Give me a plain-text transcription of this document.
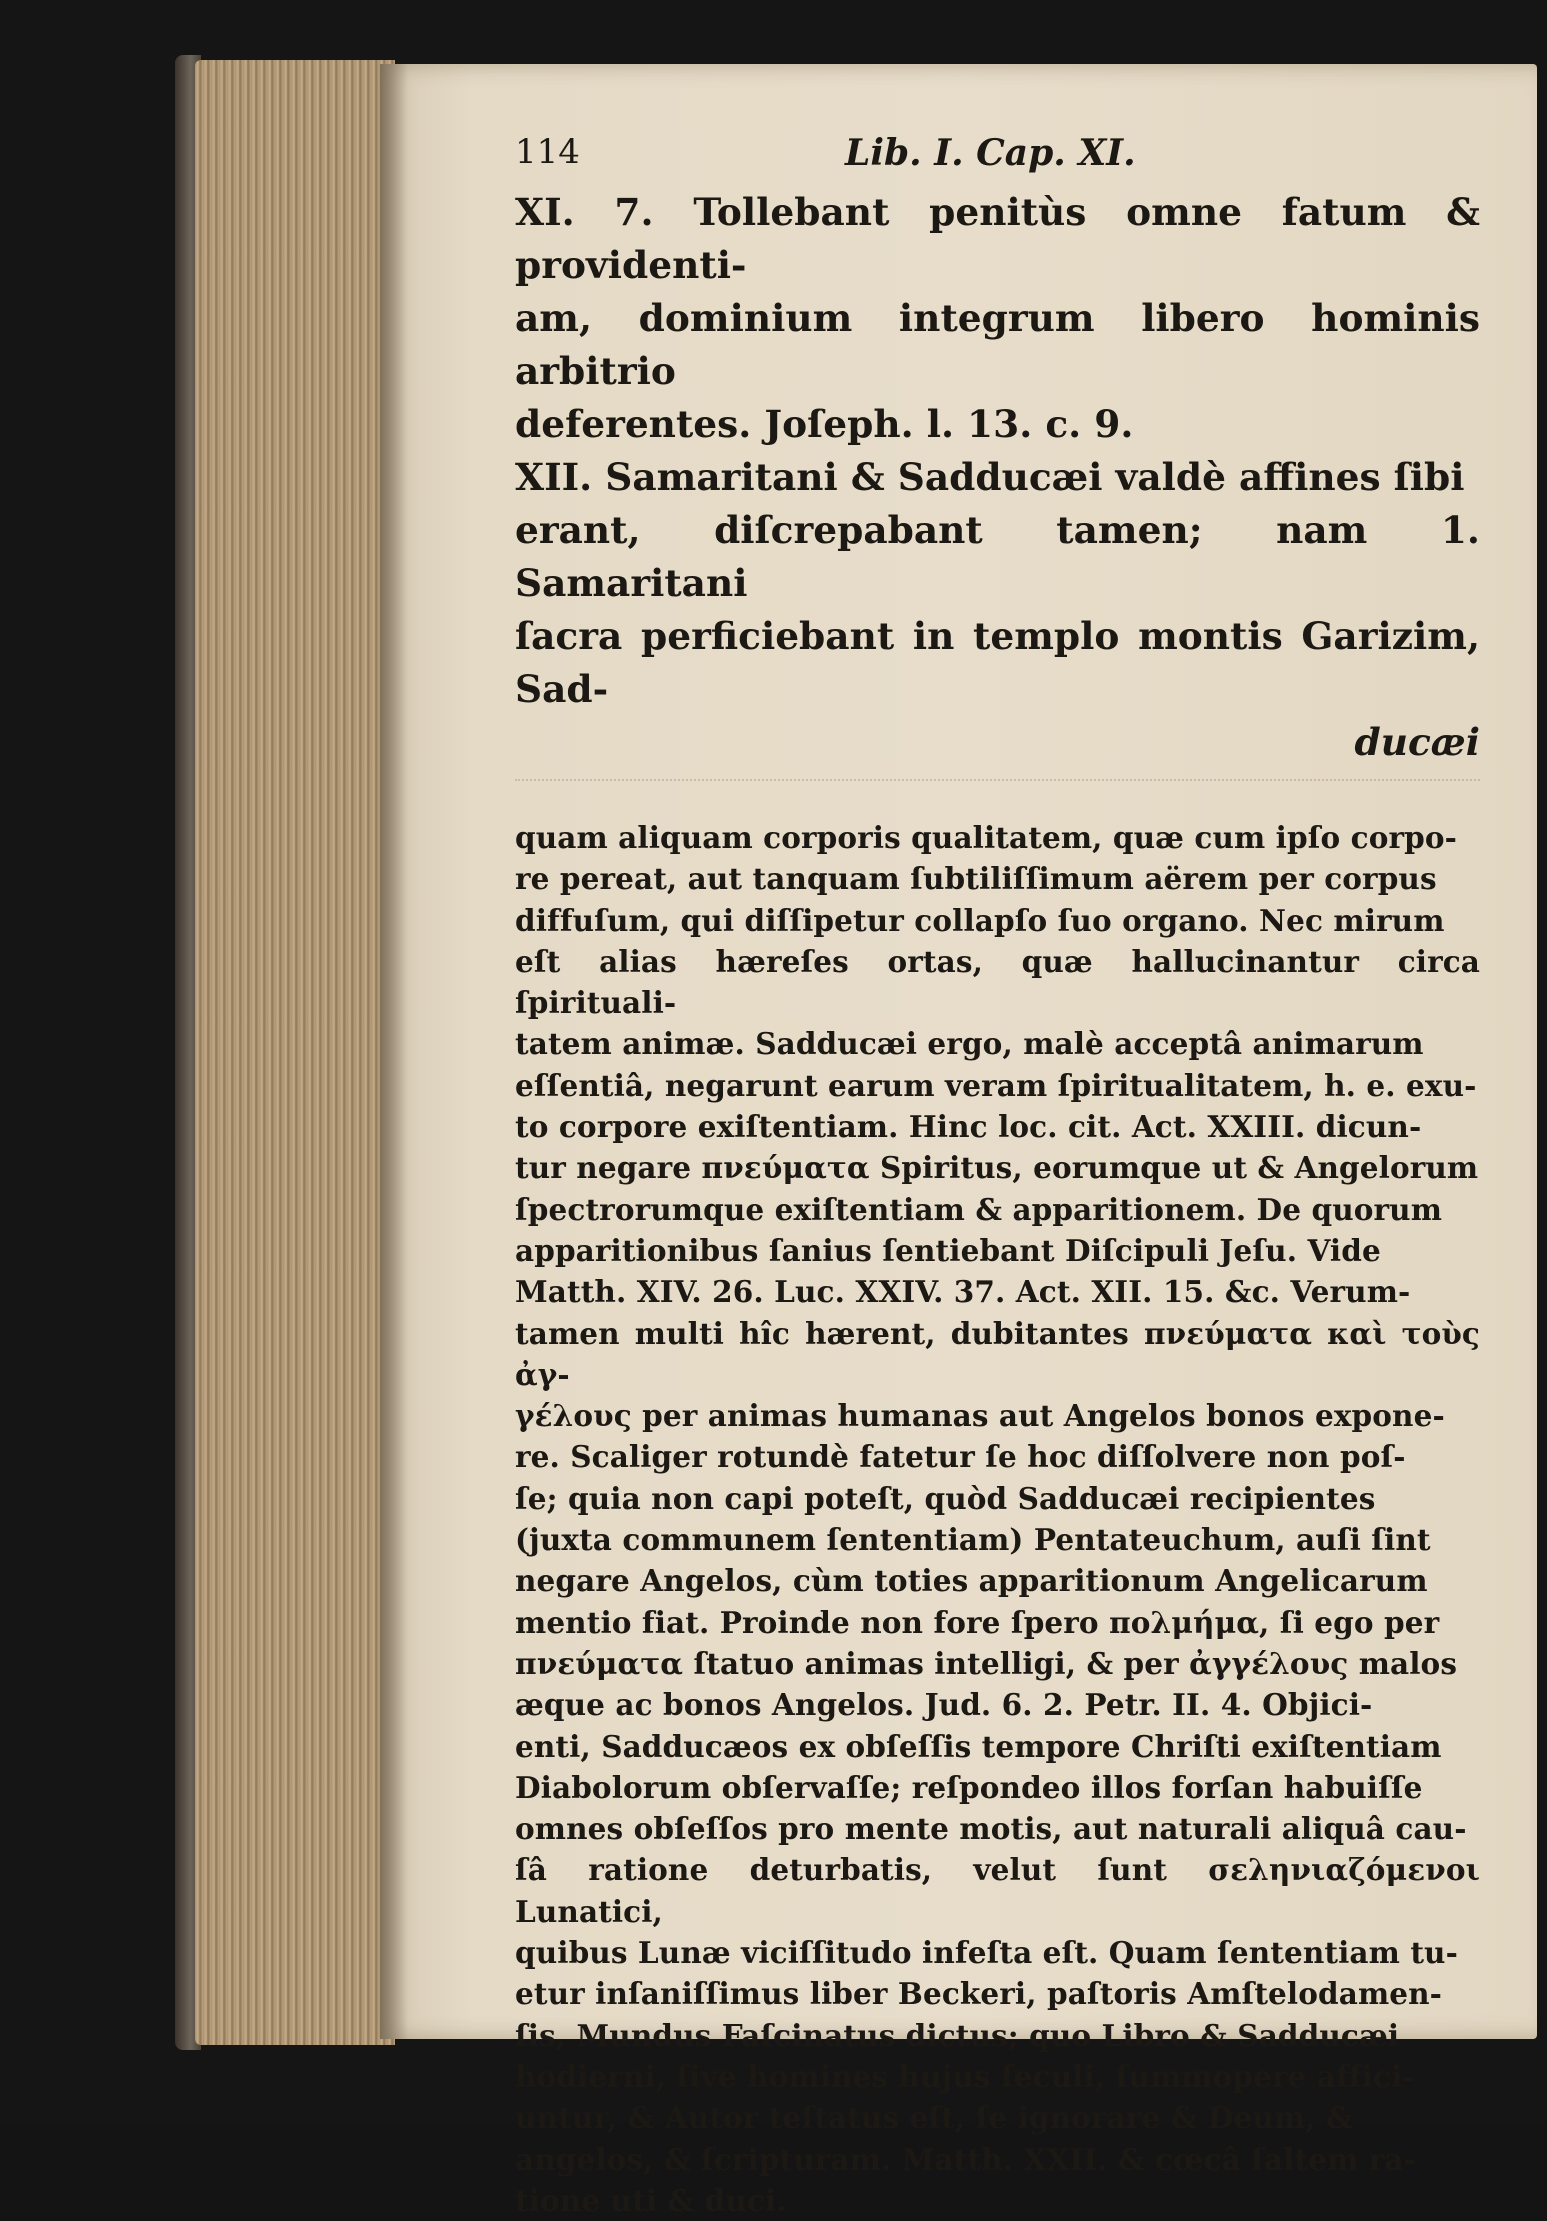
114	Lib. I. Cap. XI.

XI. 7. Tollebant penitùs omne fatum & providenti-

am, dominium integrum libero hominis arbitrio

deferentes. Joſeph. l. 13. c. 9.

XII. Samaritani & Sadducæi valdè affines ſibi

erant, diſcrepabant tamen; nam 1. Samaritani

ſacra perficiebant in templo montis Garizim, Sad-

ducæi

quam aliquam corporis qualitatem, quæ cum ipſo corpo-

re pereat, aut tanquam ſubtiliſſimum aërem per corpus

diffuſum, qui diſſipetur collapſo ſuo organo. Nec mirum

eſt alias hæreſes ortas, quæ hallucinantur circa ſpirituali-

tatem animæ. Sadducæi ergo, malè acceptâ animarum

eſſentiâ, negarunt earum veram ſpiritualitatem, h. e. exu-

to corpore exiſtentiam. Hinc loc. cit. Act. XXIII. dicun-

tur negare πνεύματα Spiritus, eorumque ut & Angelorum

ſpectrorumque exiſtentiam & apparitionem. De quorum

apparitionibus ſanius ſentiebant Diſcipuli Jeſu. Vide

Matth. XIV. 26. Luc. XXIV. 37. Act. XII. 15. &c. Verum-

tamen multi hîc hærent, dubitantes πνεύματα καὶ τοὺς ἀγ-

γέλους per animas humanas aut Angelos bonos expone-

re. Scaliger rotundè fatetur ſe hoc diſſolvere non poſ-

ſe; quia non capi poteſt, quòd Sadducæi recipientes

(juxta communem ſententiam) Pentateuchum, auſi ſint

negare Angelos, cùm toties apparitionum Angelicarum

mentio fiat. Proinde non fore ſpero πολμήμα, ſi ego per

πνεύματα ſtatuo animas intelligi, & per ἀγγέλους malos

æque ac bonos Angelos. Jud. 6. 2. Petr. II. 4. Objici-

enti, Sadducæos ex obſeſſis tempore Chriſti exiſtentiam

Diabolorum obſervaſſe; reſpondeo illos forſan habuiſſe

omnes obſeſſos pro mente motis, aut naturali aliquâ cau-

ſâ ratione deturbatis, velut ſunt σεληνιαζόμενοι Lunatici,

quibus Lunæ viciſſitudo infeſta eſt. Quam ſententiam tu-

etur inſaniſſimus liber Beckeri, paſtoris Amſtelodamen-

ſis, Mundus Faſcinatus dictus; quo Libro & Sadducæi

hodierni, ſive homines hujus ſeculi, ſummopere affici-

untur, & Autor teſtatus eſt, ſe ignorare & Deum, &

angelos, & ſcripturam. Matth. XXII. & cœcâ ſaltem ra-

tione uti & duci.
